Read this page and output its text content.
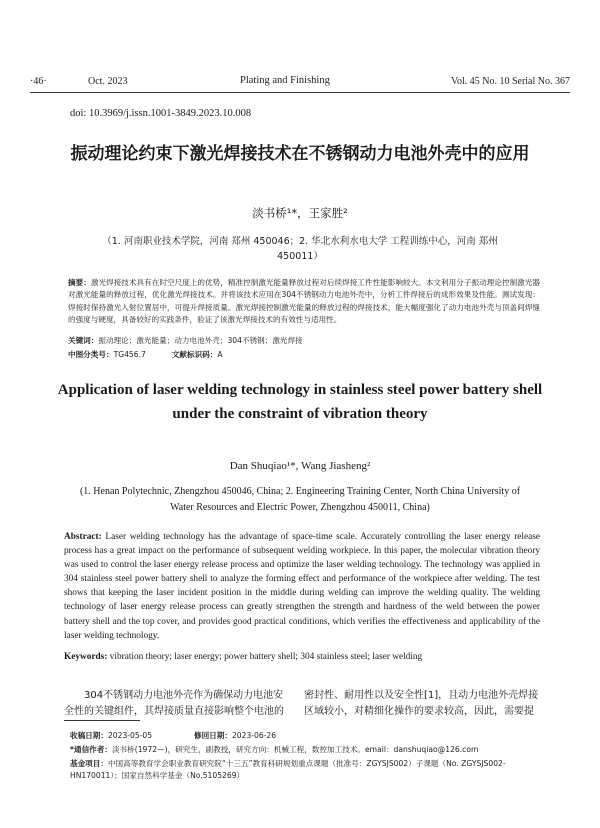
·46·	Oct. 2023	Plating and Finishing	Vol. 45 No. 10 Serial No. 367
doi: 10.3969/j.issn.1001-3849.2023.10.008
振动理论约束下激光焊接技术在不锈钢动力电池外壳中的应用
淡书桥¹*，王家胜²
（1. 河南职业技术学院，河南 郑州 450046；2. 华北水利水电大学 工程训练中心，河南 郑州 450011）
摘要：激光焊接技术具有在时空尺度上的优势，精准控制激光能量释放过程对后续焊接工件性能影响较大。本文利用分子振动理论控制激光器对激光能量的释放过程，优化激光焊接技术。并将该技术应用在304不锈钢动力电池外壳中，分析工件焊接后的成形效果及性能。测试发现：焊接时保持激光入射位置居中，可提升焊接质量。激光焊接控制激光能量的释放过程的焊接技术，能大幅度强化了动力电池外壳与顶盖间焊缝的强度与硬度，具备较好的实践条件，验证了该激光焊接技术的有效性与适用性。
关键词：振动理论；激光能量；动力电池外壳；304不锈钢；激光焊接
中图分类号：TG456.7	文献标识码：A
Application of laser welding technology in stainless steel power battery shell under the constraint of vibration theory
Dan Shuqiao¹*, Wang Jiasheng²
(1. Henan Polytechnic, Zhengzhou 450046, China; 2. Engineering Training Center, North China University of Water Resources and Electric Power, Zhengzhou 450011, China)
Abstract: Laser welding technology has the advantage of space-time scale. Accurately controlling the laser energy release process has a great impact on the performance of subsequent welding workpiece. In this paper, the molecular vibration theory was used to control the laser energy release process and optimize the laser welding technology. The technology was applied in 304 stainless steel power battery shell to analyze the forming effect and performance of the workpiece after welding. The test shows that keeping the laser incident position in the middle during welding can improve the welding quality. The welding technology of laser energy release process can greatly strengthen the strength and hardness of the weld between the power battery shell and the top cover, and provides good practical conditions, which verifies the effectiveness and applicability of the laser welding technology.
Keywords: vibration theory; laser energy; power battery shell; 304 stainless steel; laser welding
304不锈钢动力电池外壳作为确保动力电池安全性的关键组件，其焊接质量直接影响整个电池的
密封性、耐用性以及安全性[1]，且动力电池外壳焊接区域较小，对精细化操作的要求较高，因此，需要提
收稿日期：2023-05-05	修回日期：2023-06-26
*通信作者：淡书桥(1972—)，研究生，副教授，研究方向：机械工程，数控加工技术。email：danshuqiao@126.com
基金项目：中国高等教育学会职业教育研究院“十三五”教育科研规划重点课题（批准号：ZGYSJS002）子课题（No. ZGYSJS002-HN170011）；国家自然科学基金（No.5105269）
